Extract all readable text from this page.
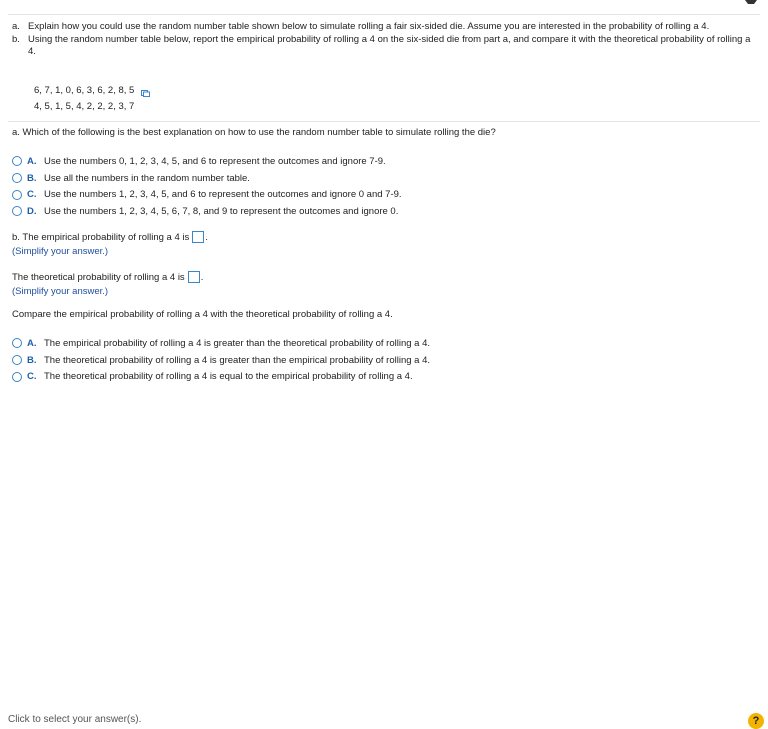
a. Explain how you could use the random number table shown below to simulate rolling a fair six-sided die. Assume you are interested in the probability of rolling a 4.
b. Using the random number table below, report the empirical probability of rolling a 4 on the six-sided die from part a, and compare it with the theoretical probability of rolling a 4.
6, 7, 1, 0, 6, 3, 6, 2, 8, 5
4, 5, 1, 5, 4, 2, 2, 2, 3, 7
a. Which of the following is the best explanation on how to use the random number table to simulate rolling the die?
A. Use the numbers 0, 1, 2, 3, 4, 5, and 6 to represent the outcomes and ignore 7-9.
B. Use all the numbers in the random number table.
C. Use the numbers 1, 2, 3, 4, 5, and 6 to represent the outcomes and ignore 0 and 7-9.
D. Use the numbers 1, 2, 3, 4, 5, 6, 7, 8, and 9 to represent the outcomes and ignore 0.
b. The empirical probability of rolling a 4 is .
(Simplify your answer.)
The theoretical probability of rolling a 4 is .
(Simplify your answer.)
Compare the empirical probability of rolling a 4 with the theoretical probability of rolling a 4.
A. The empirical probability of rolling a 4 is greater than the theoretical probability of rolling a 4.
B. The theoretical probability of rolling a 4 is greater than the empirical probability of rolling a 4.
C. The theoretical probability of rolling a 4 is equal to the empirical probability of rolling a 4.
Click to select your answer(s).	?
